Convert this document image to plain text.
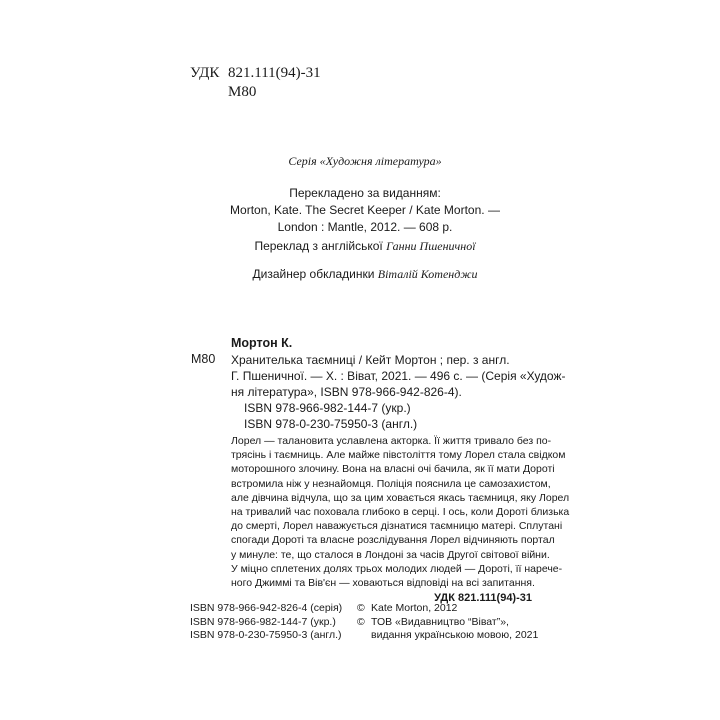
УДК 821.111(94)-31
М80
Серія «Художня література»
Перекладено за виданням:
Morton, Kate. The Secret Keeper / Kate Morton. —
London : Mantle, 2012. — 608 p.
Переклад з англійської Ганни Пшеничної
Дизайнер обкладинки Віталій Котенджи
Мортон К.
М80 Хранителька таємниці / Кейт Мортон ; пер. з англ.
Г. Пшеничної. — Х. : Віват, 2021. — 496 с. — (Серія «Худож-
ня література», ISBN 978-966-942-826-4).
ISBN 978-966-982-144-7 (укр.)
ISBN 978-0-230-75950-3 (англ.)
Лорел — талановита уславлена акторка. Її життя тривало без по-
трясінь і таємниць. Але майже півстоліття тому Лорел стала свідком
моторошного злочину. Вона на власні очі бачила, як її мати Дороті
встромила ніж у незнайомця. Поліція пояснила це самозахистом,
але дівчина відчула, що за цим ховається якась таємниця, яку Лорел
на тривалий час поховала глибоко в серці. І ось, коли Дороті близька
до смерті, Лорел наважується дізнатися таємницю матері. Сплутані
спогади Дороті та власне розслідування Лорел відчиняють портал
у минуле: те, що сталося в Лондоні за часів Другої світової війни.
У міцно сплетених долях трьох молодих людей — Дороті, її нарече-
ного Джиммі та Вів'єн — ховаються відповіді на всі запитання.
УДК 821.111(94)-31
ISBN 978-966-942-826-4 (серія)
ISBN 978-966-982-144-7 (укр.)
ISBN 978-0-230-75950-3 (англ.)
© Kate Morton, 2012
© ТОВ «Видавництво “Віват”»,
видання українською мовою, 2021
